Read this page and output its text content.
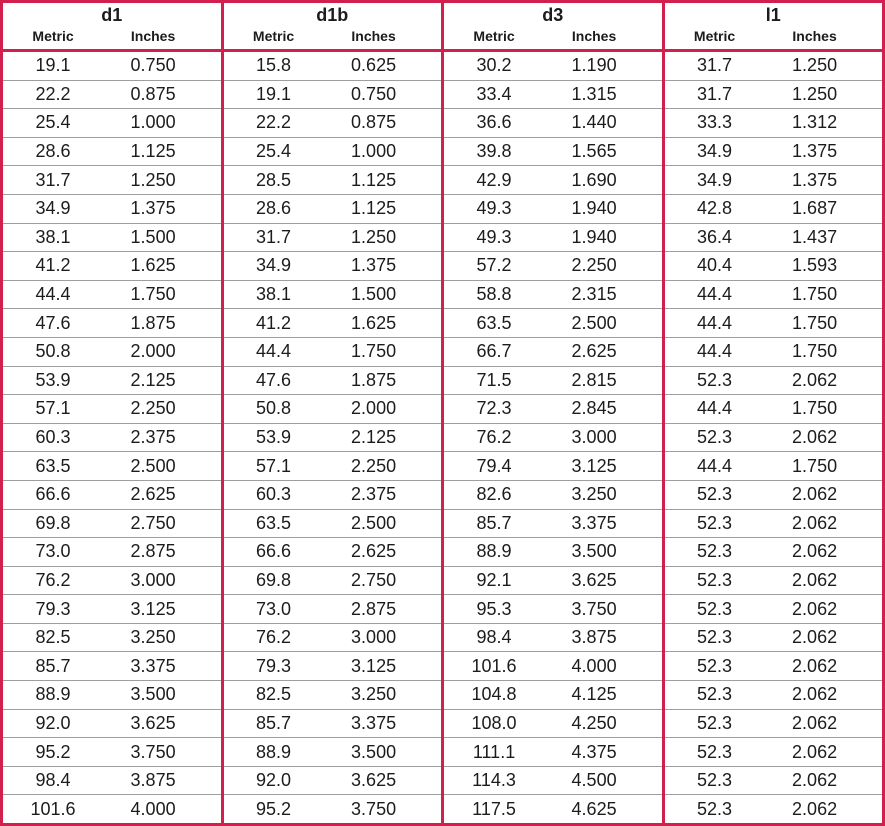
d1
Metric	Inches
19.1	0.750
22.2	0.875
25.4	1.000
28.6	1.125
31.7	1.250
34.9	1.375
38.1	1.500
41.2	1.625
44.4	1.750
47.6	1.875
50.8	2.000
53.9	2.125
57.1	2.250
60.3	2.375
63.5	2.500
66.6	2.625
69.8	2.750
73.0	2.875
76.2	3.000
79.3	3.125
82.5	3.250
85.7	3.375
88.9	3.500
92.0	3.625
95.2	3.750
98.4	3.875
101.6	4.000
d1b
Metric	Inches
15.8	0.625
19.1	0.750
22.2	0.875
25.4	1.000
28.5	1.125
28.6	1.125
31.7	1.250
34.9	1.375
38.1	1.500
41.2	1.625
44.4	1.750
47.6	1.875
50.8	2.000
53.9	2.125
57.1	2.250
60.3	2.375
63.5	2.500
66.6	2.625
69.8	2.750
73.0	2.875
76.2	3.000
79.3	3.125
82.5	3.250
85.7	3.375
88.9	3.500
92.0	3.625
95.2	3.750
d3
Metric	Inches
30.2	1.190
33.4	1.315
36.6	1.440
39.8	1.565
42.9	1.690
49.3	1.940
49.3	1.940
57.2	2.250
58.8	2.315
63.5	2.500
66.7	2.625
71.5	2.815
72.3	2.845
76.2	3.000
79.4	3.125
82.6	3.250
85.7	3.375
88.9	3.500
92.1	3.625
95.3	3.750
98.4	3.875
101.6	4.000
104.8	4.125
108.0	4.250
111.1	4.375
114.3	4.500
117.5	4.625
l1
Metric	Inches
31.7	1.250
31.7	1.250
33.3	1.312
34.9	1.375
34.9	1.375
42.8	1.687
36.4	1.437
40.4	1.593
44.4	1.750
44.4	1.750
44.4	1.750
52.3	2.062
44.4	1.750
52.3	2.062
44.4	1.750
52.3	2.062
52.3	2.062
52.3	2.062
52.3	2.062
52.3	2.062
52.3	2.062
52.3	2.062
52.3	2.062
52.3	2.062
52.3	2.062
52.3	2.062
52.3	2.062
